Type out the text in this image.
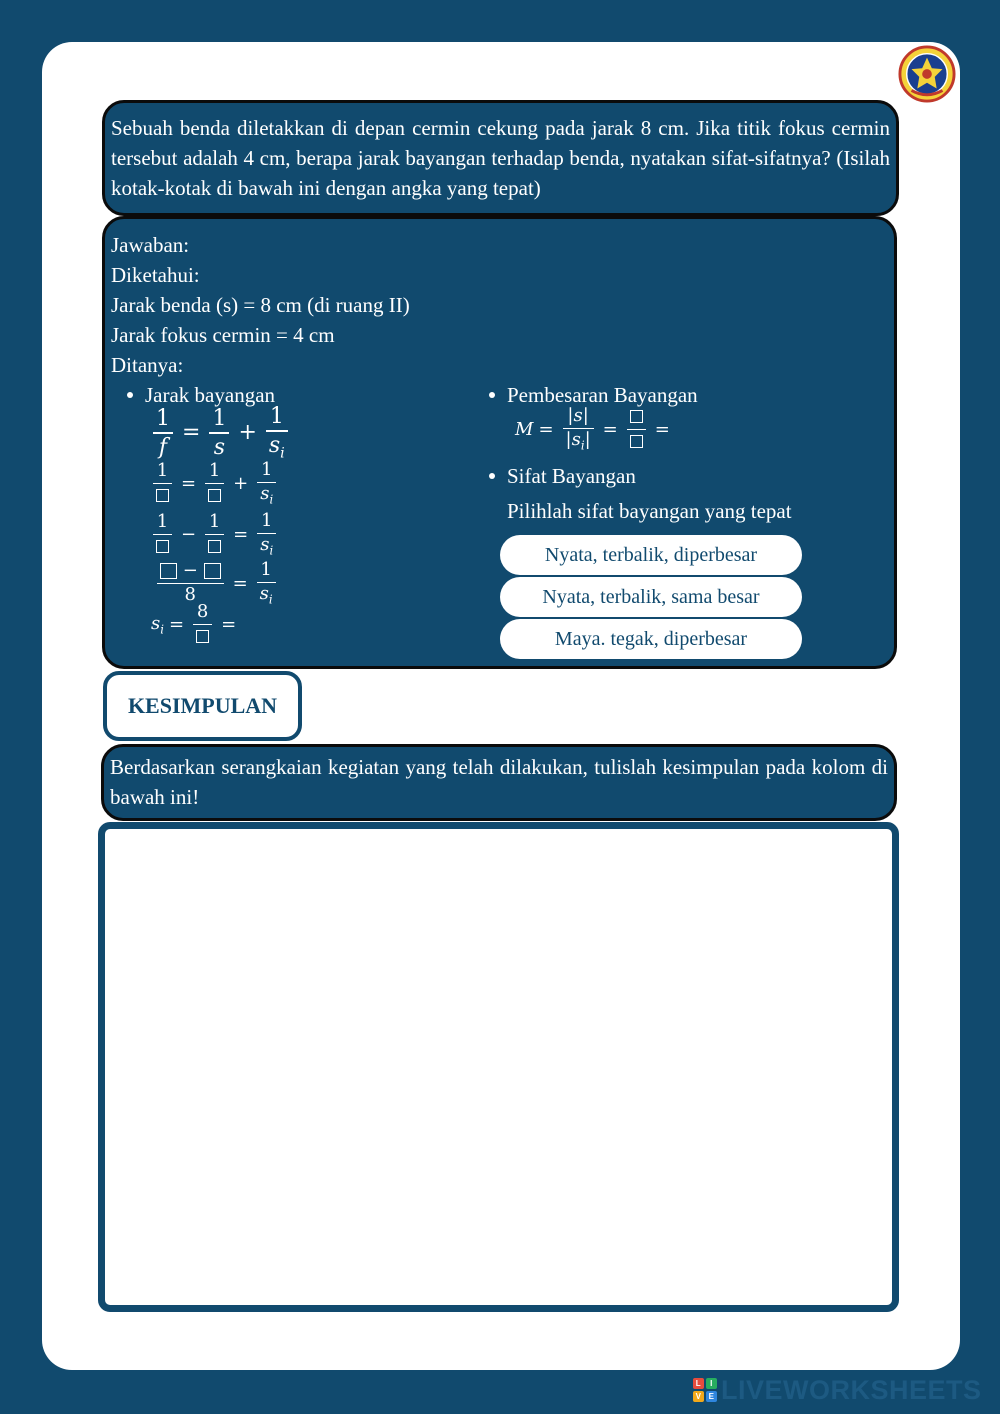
Sebuah benda diletakkan di depan cermin cekung pada jarak 8 cm. Jika titik fokus cermin tersebut adalah 4 cm, berapa jarak bayangan terhadap benda, nyatakan sifat-sifatnya? (Isilah kotak-kotak di bawah ini dengan angka yang tepat)
Jawaban:
Diketahui:
Jarak benda (s) = 8 cm (di ruang II)
Jarak fokus cermin = 4 cm
Ditanya:
Jarak bayangan
$\frac{1}{f} = \frac{1}{s} + \frac{1}{s_i}$
1
=
1
+ $\frac{1}{s_i}$
1
−
1
= $\frac{1}{s_i}$
$\frac{-}{8} = \frac{1}{s_i}$
$s_i$ =
8
=
Pembesaran Bayangan
$M = \frac{|s|}{|s_i|}$ = =
Sifat Bayangan
Pilihlah sifat bayangan yang tepat
Nyata, terbalik, diperbesar
Nyata, terbalik, sama besar
Maya. tegak, diperbesar
KESIMPULAN
Berdasarkan serangkaian kegiatan yang telah dilakukan, tulislah kesimpulan pada kolom di bawah ini!
L	I
V E LIVEWORKSHEETS
